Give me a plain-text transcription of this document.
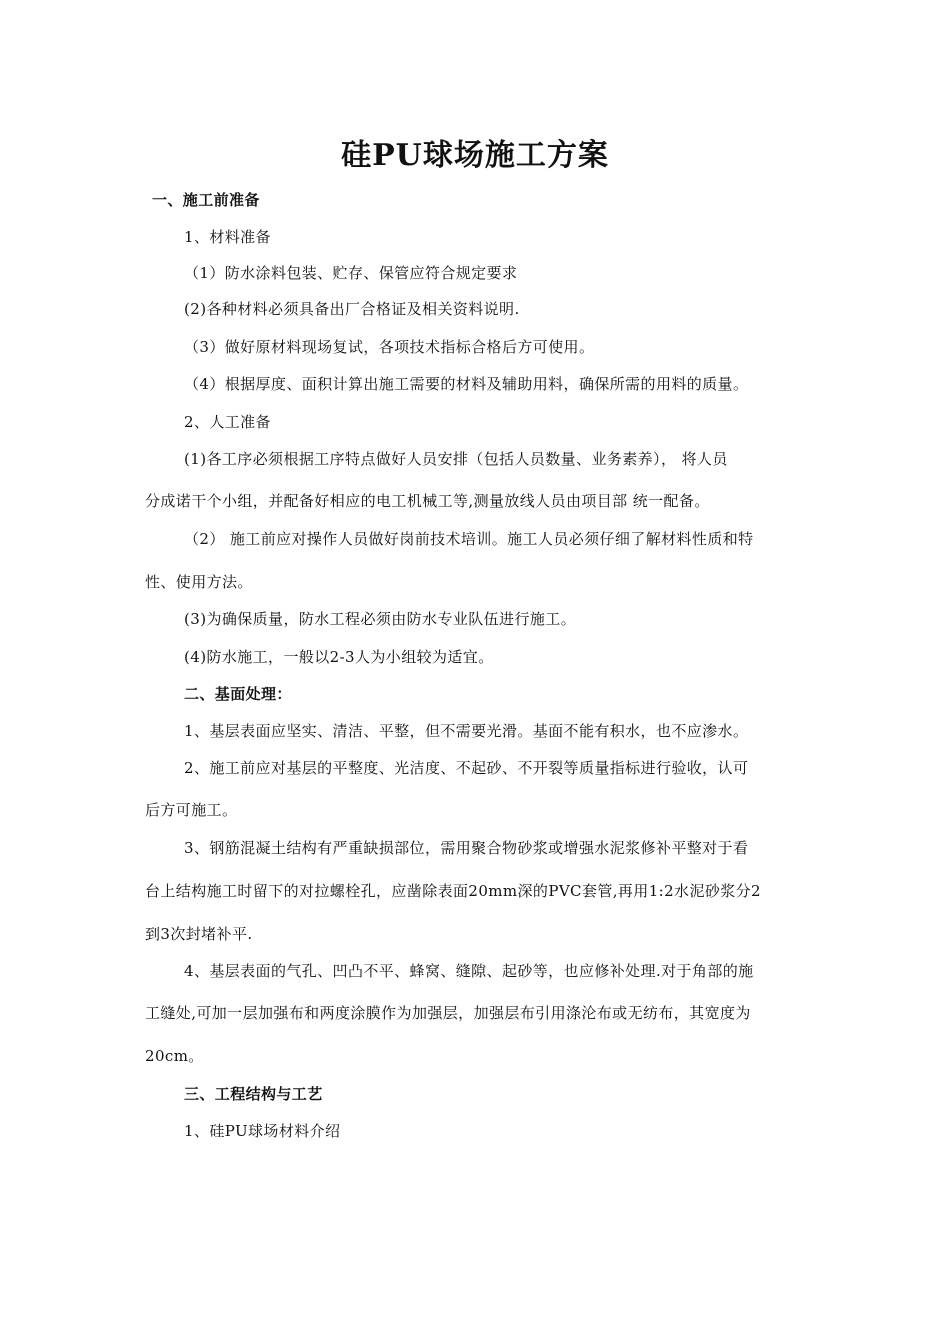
硅PU球场施工方案
一、施工前准备
1、材料准备
（1）防水涂料包装、贮存、保管应符合规定要求
(2)各种材料必须具备出厂合格证及相关资料说明.
（3）做好原材料现场复试，各项技术指标合格后方可使用。
（4）根据厚度、面积计算出施工需要的材料及辅助用料，确保所需的用料的质量。
2、人工准备
(1)各工序必须根据工序特点做好人员安排（包括人员数量、业务素养）， 将人员
分成诺干个小组，并配备好相应的电工机械工等,测量放线人员由项目部 统一配备。
（2） 施工前应对操作人员做好岗前技术培训。施工人员必须仔细了解材料性质和特
性、使用方法。
(3)为确保质量，防水工程必须由防水专业队伍进行施工。
(4)防水施工，一般以2-3人为小组较为适宜。
二、基面处理：
1、基层表面应坚实、清洁、平整，但不需要光滑。基面不能有积水，也不应渗水。
2、施工前应对基层的平整度、光洁度、不起砂、不开裂等质量指标进行验收，认可
后方可施工。
3、钢筋混凝土结构有严重缺损部位，需用聚合物砂浆或增强水泥浆修补平整对于看
台上结构施工时留下的对拉螺栓孔，应凿除表面20mm深的PVC套管,再用1:2水泥砂浆分2
到3次封堵补平.
4、基层表面的气孔、凹凸不平、蜂窝、缝隙、起砂等，也应修补处理.对于角部的施
工缝处,可加一层加强布和两度涂膜作为加强层，加强层布引用涤沦布或无纺布，其宽度为
20cm。
三、工程结构与工艺
1、硅PU球场材料介绍
